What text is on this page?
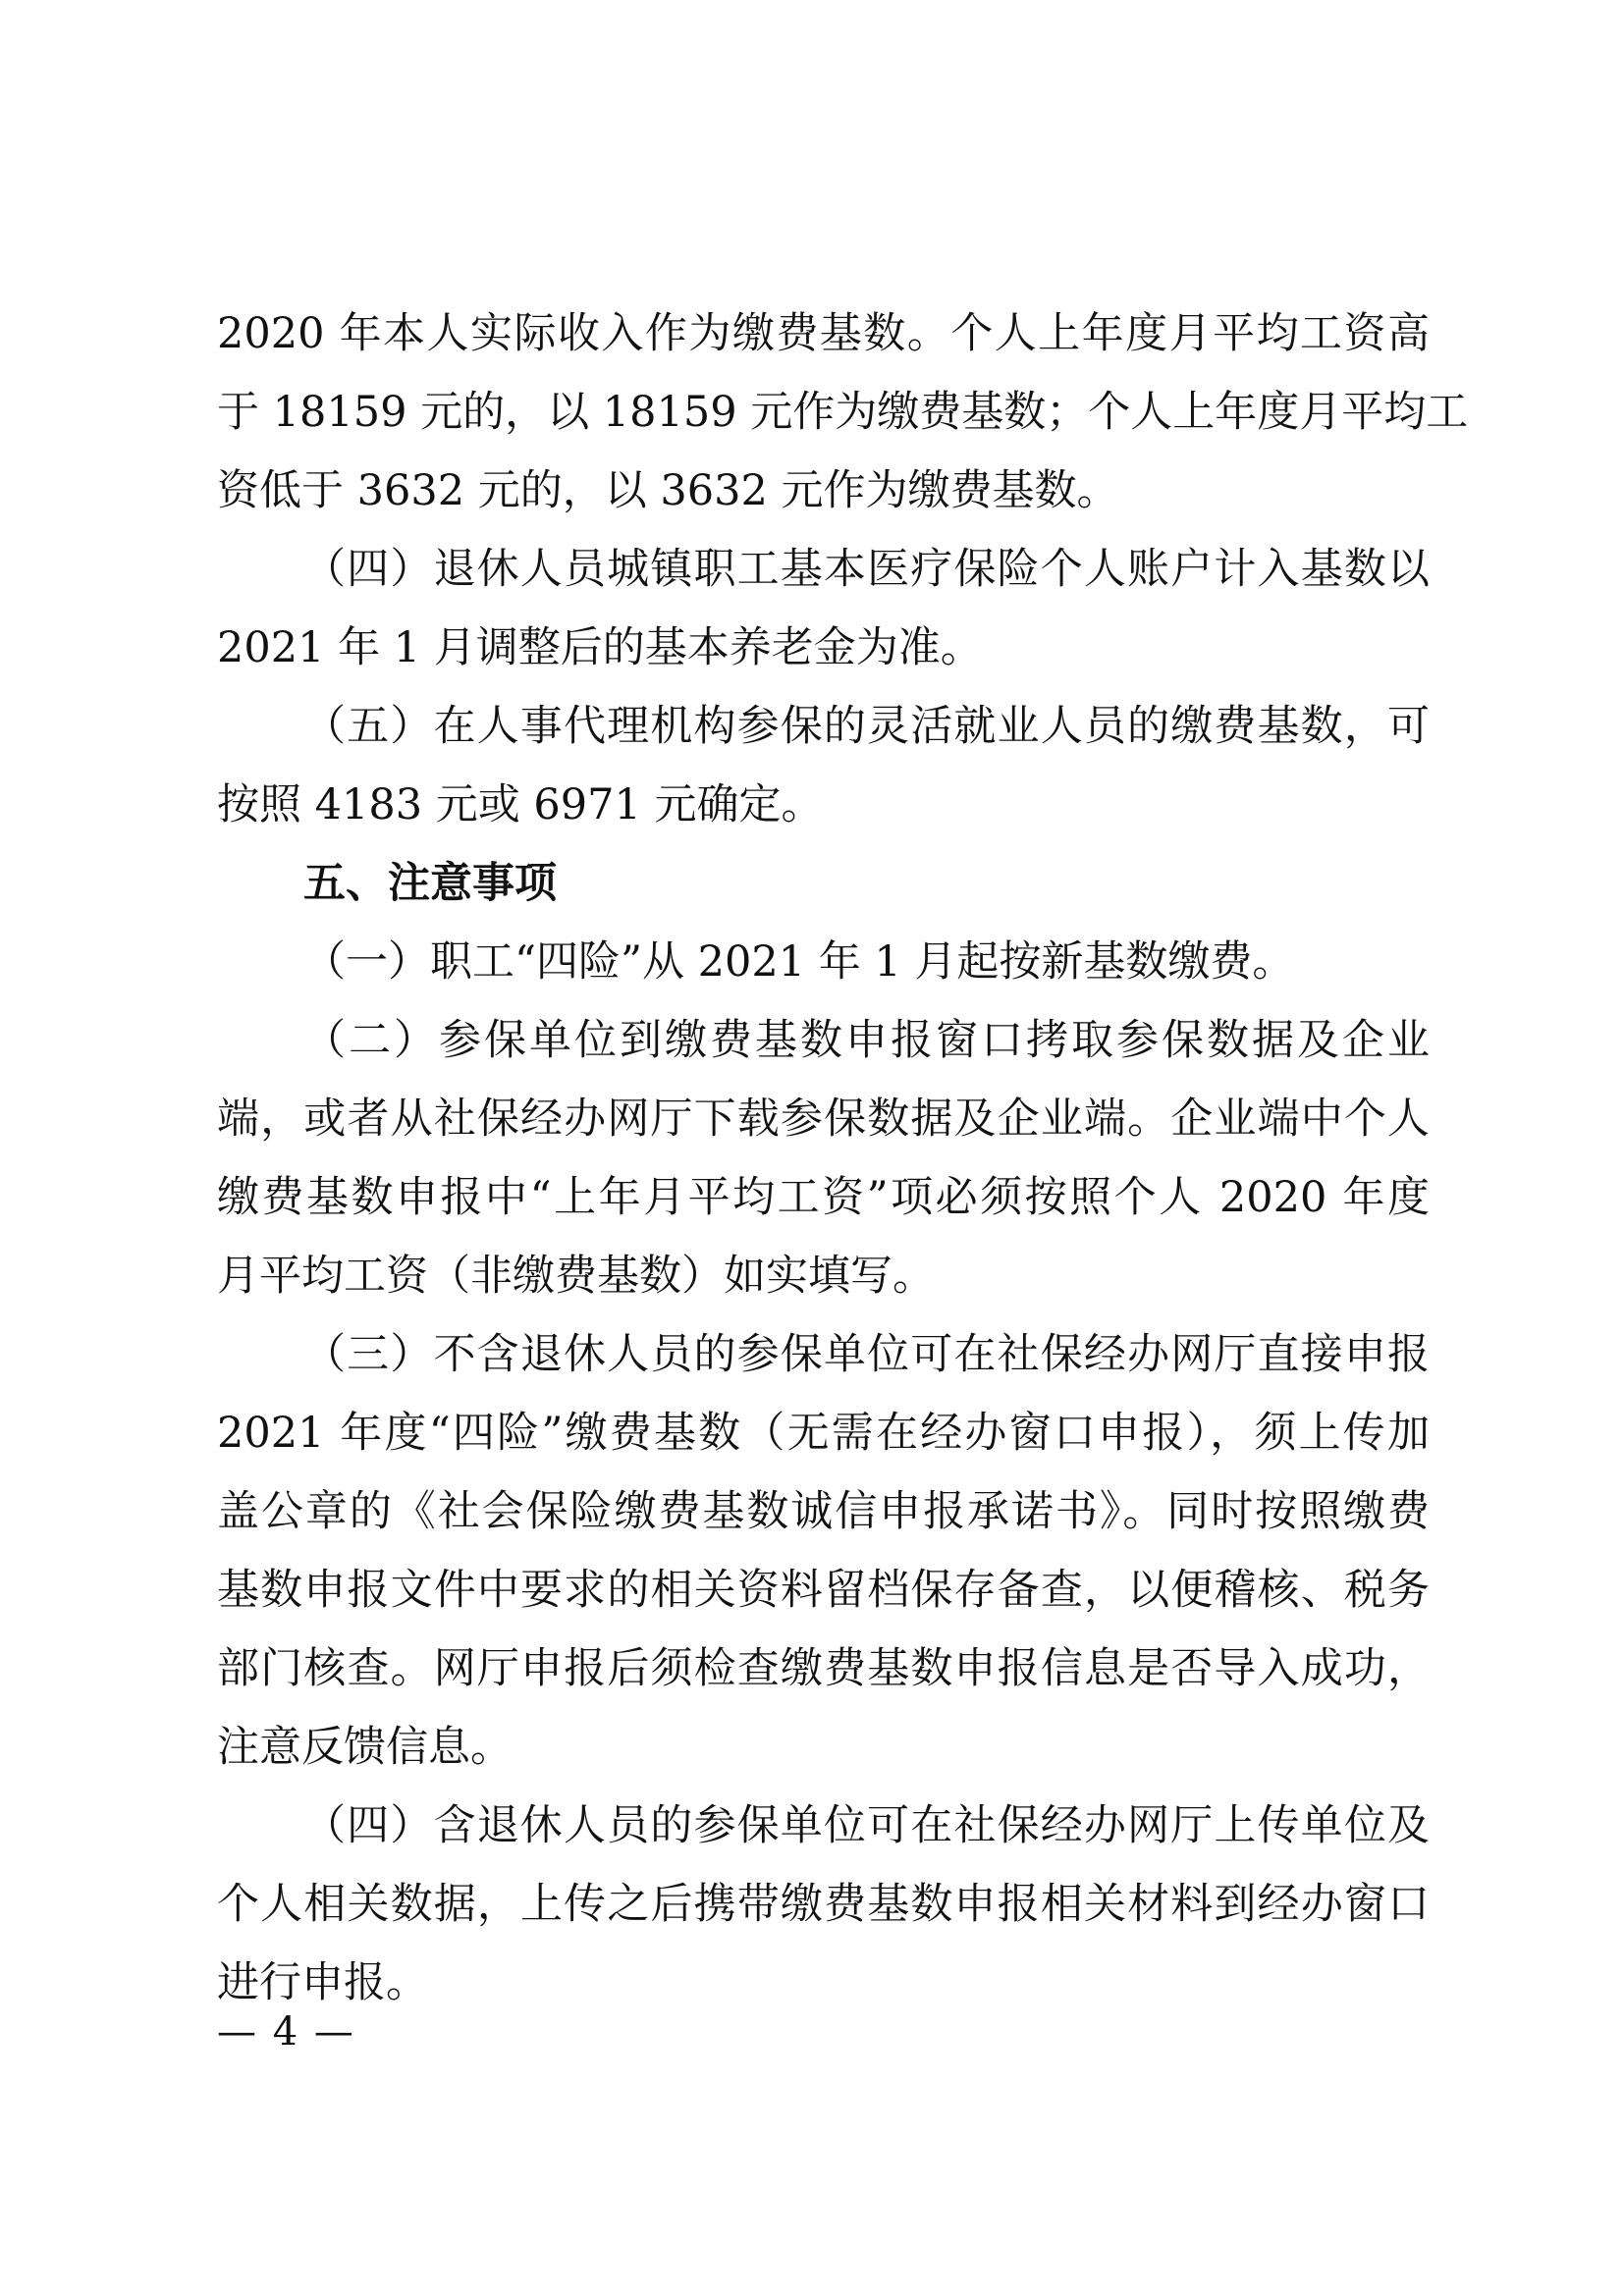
2020 年本人实际收入作为缴费基数。个人上年度月平均工资高
于 18159 元的，以 18159 元作为缴费基数；个人上年度月平均工
资低于 3632 元的，以 3632 元作为缴费基数。
（四）退休人员城镇职工基本医疗保险个人账户计入基数以
2021 年 1 月调整后的基本养老金为准。
（五）在人事代理机构参保的灵活就业人员的缴费基数，可
按照 4183 元或 6971 元确定。
五、注意事项
（一）职工“四险”从 2021 年 1 月起按新基数缴费。
（二）参保单位到缴费基数申报窗口拷取参保数据及企业
端，或者从社保经办网厅下载参保数据及企业端。企业端中个人
缴费基数申报中“上年月平均工资”项必须按照个人 2020 年度
月平均工资（非缴费基数）如实填写。
（三）不含退休人员的参保单位可在社保经办网厅直接申报
2021 年度“四险”缴费基数（无需在经办窗口申报），须上传加
盖公章的《社会保险缴费基数诚信申报承诺书》。同时按照缴费
基数申报文件中要求的相关资料留档保存备查，以便稽核、税务
部门核查。网厅申报后须检查缴费基数申报信息是否导入成功，
注意反馈信息。
（四）含退休人员的参保单位可在社保经办网厅上传单位及
个人相关数据，上传之后携带缴费基数申报相关材料到经办窗口
进行申报。
— 4 —
